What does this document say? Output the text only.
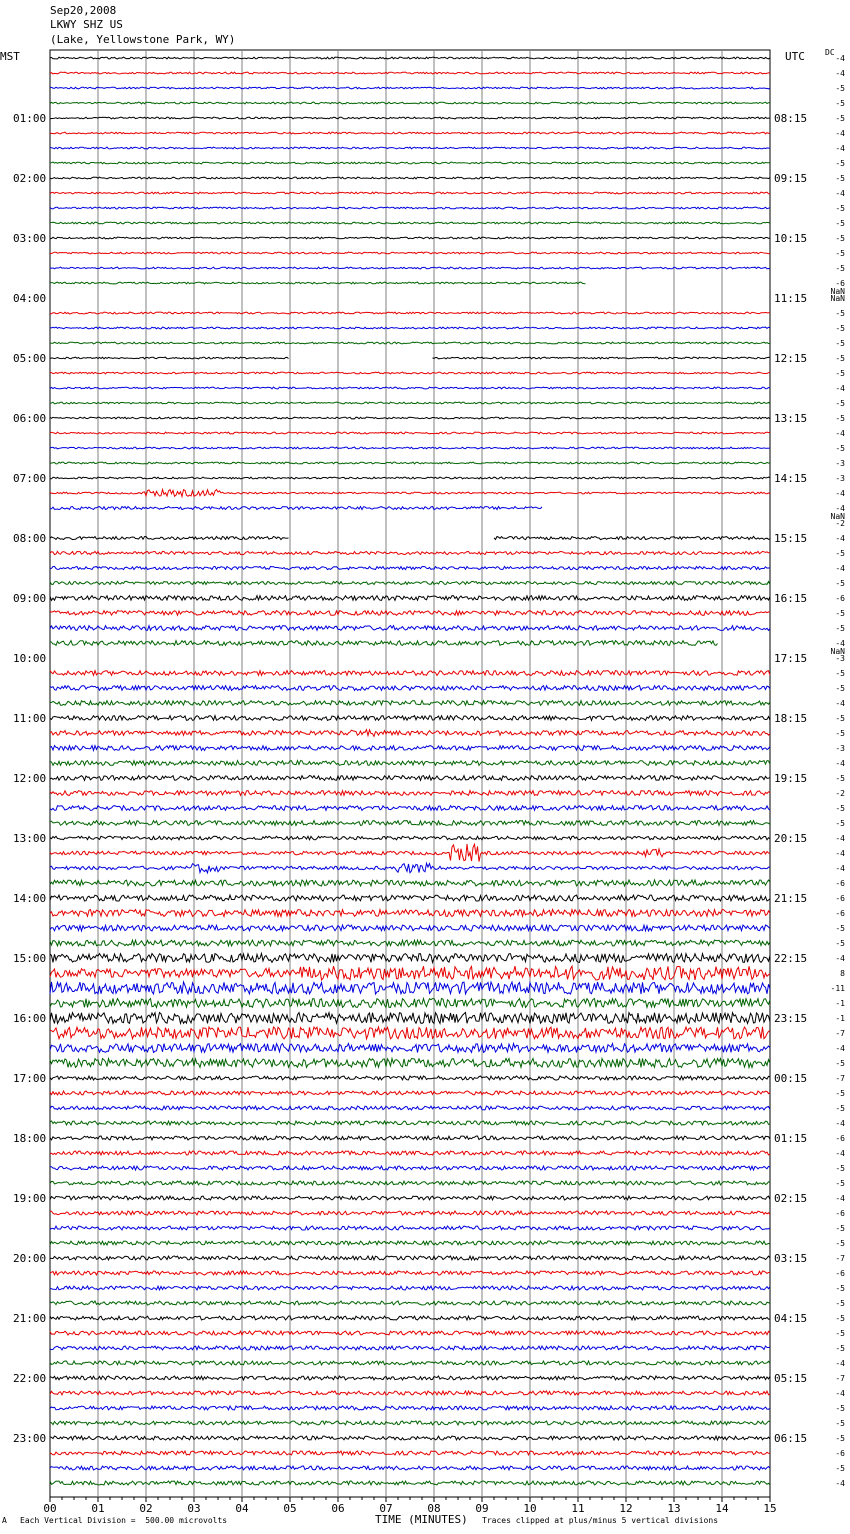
Sep20,2008
LKWY SHZ US
(Lake, Yellowstone Park, WY)
MST	UTC	DC
01:00
02:00
03:00
04:00
05:00
06:00
07:00
08:00
09:00
10:00
11:00
12:00
13:00
14:00
15:00
16:00
17:00
18:00
19:00
20:00
21:00
22:00
23:00
08:15
09:15
10:15
11:15
12:15
13:15
14:15
15:15
16:15
17:15
18:15
19:15
20:15
21:15
22:15
23:15
00:15
01:15
02:15
03:15
04:15
05:15
06:15
-4
-4
-5
-5
-5
-4
-4
-5
-5
-4
-5
-5
-5
-5
-5
-6
NaN
-5
-5
-5
-5
-5
-4
-5
-5
-4
-5
-3
-3
-4
-4
-2
-4
-5
-4
-5
-6
-5
-5
-4
-3
-5
-5
-4
-5
-5
-3
-4
-5
-2
-5
-5
-4
-4
-4
-6
-6
-6
-5
-5
-4
8
-11
-1
-1
-7
-4
-5
-7
-5
-5
-4
-6
-4
-5
-5
-4
-6
-5
-5
-7
-6
-5
-5
-5
-5
-5
-4
-7
-4
-5
-5
-5
-6
-5
-4
NaN
NaN
NaN
00	01	02	03	04	05	06	07	08	09	10	11	12	13	14	15
A Each Vertical Division =  500.00 microvolts	TIME (MINUTES) Traces clipped at plus/minus 5 vertical divisions
